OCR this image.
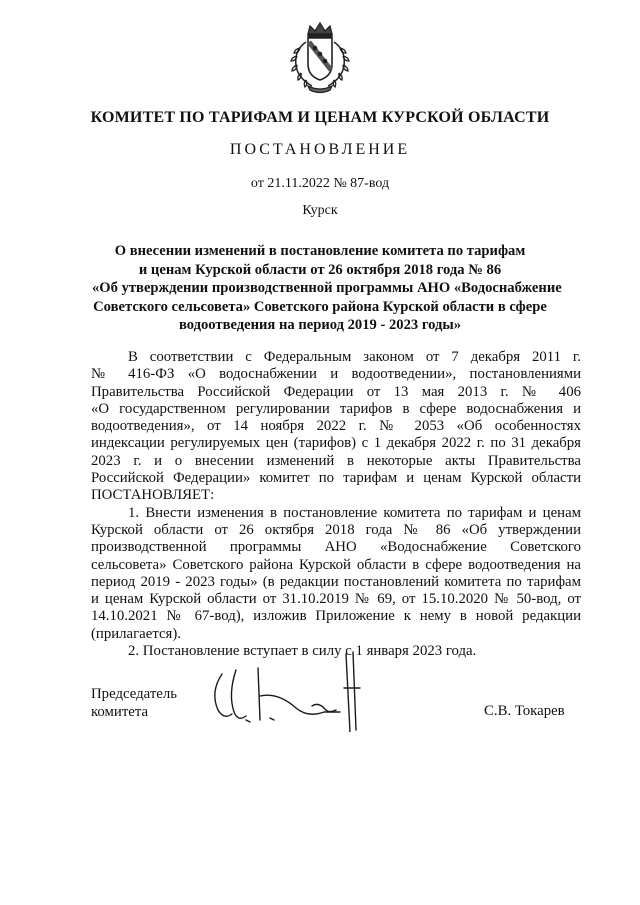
КОМИТЕТ ПО ТАРИФАМ И ЦЕНАМ КУРСКОЙ ОБЛАСТИ
ПОСТАНОВЛЕНИЕ
от 21.11.2022 № 87-вод
Курск
О внесении изменений в постановление комитета по тарифам
и ценам Курской области от 26 октября 2018 года № 86
«Об утверждении производственной программы АНО «Водоснабжение
Советского сельсовета» Советского района Курской области в сфере
водоотведения на период 2019 - 2023 годы»
В соответствии с Федеральным законом от 7 декабря 2011 г.
№ 416-ФЗ «О водоснабжении и водоотведении», постановлениями
Правительства Российской Федерации от 13 мая 2013 г. № 406
«О государственном регулировании тарифов в сфере водоснабжения и
водоотведения», от 14 ноября 2022 г. № 2053 «Об особенностях
индексации регулируемых цен (тарифов) с 1 декабря 2022 г. по 31 декабря
2023 г. и о внесении изменений в некоторые акты Правительства
Российской Федерации» комитет по тарифам и ценам Курской области
ПОСТАНОВЛЯЕТ:
1. Внести изменения в постановление комитета по тарифам и ценам
Курской области от 26 октября 2018 года № 86 «Об утверждении
производственной программы АНО «Водоснабжение Советского
сельсовета» Советского района Курской области в сфере водоотведения на
период 2019 - 2023 годы» (в редакции постановлений комитета по тарифам
и ценам Курской области от 31.10.2019 № 69, от 15.10.2020 № 50-вод, от
14.10.2021 № 67-вод), изложив Приложение к нему в новой редакции
(прилагается).
2. Постановление вступает в силу с 1 января 2023 года.
Председатель
комитета	С.В. Токарев
